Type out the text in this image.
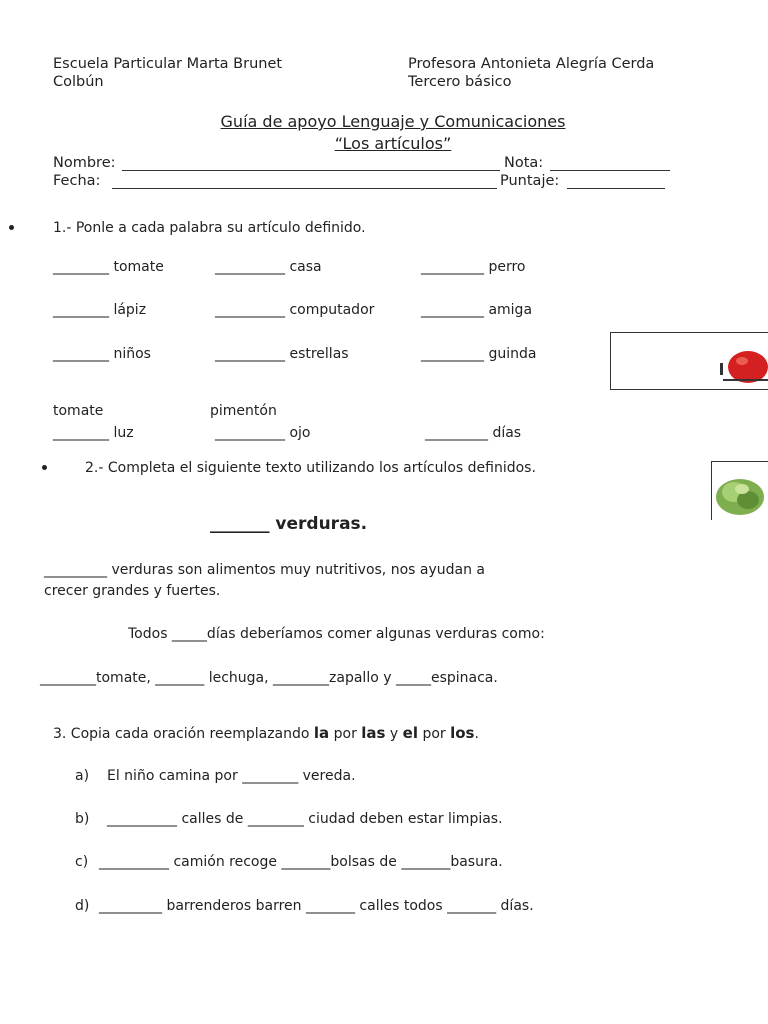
Escuela Particular Marta Brunet
Colbún
Profesora Antonieta Alegría Cerda
Tercero básico
Guía de apoyo Lenguaje y Comunicaciones
“Los artículos”
Nombre:	Nota:
Fecha:	Puntaje:
1.- Ponle a cada palabra su artículo definido.
________ tomate	__________ casa	_________ perro
________ lápiz	__________ computador	_________ amiga
________ niños	__________ estrellas	_________ guinda
tomate	pimentón
________ luz	__________ ojo	_________ días
2.- Completa el siguiente texto utilizando los artículos definidos.
_______ verduras.
_________ verduras son alimentos muy nutritivos, nos ayudan a
crecer grandes y fuertes.
Todos _____días deberíamos comer algunas verduras como:
________tomate, _______ lechuga, ________zapallo y _____espinaca.
3. Copia cada oración reemplazando la por las y el por los.
a) El niño camina por ________ vereda.
b) __________ calles de ________ ciudad deben estar limpias.
c) __________ camión recoge _______bolsas de _______basura.
d) _________ barrenderos barren _______ calles todos _______ días.
